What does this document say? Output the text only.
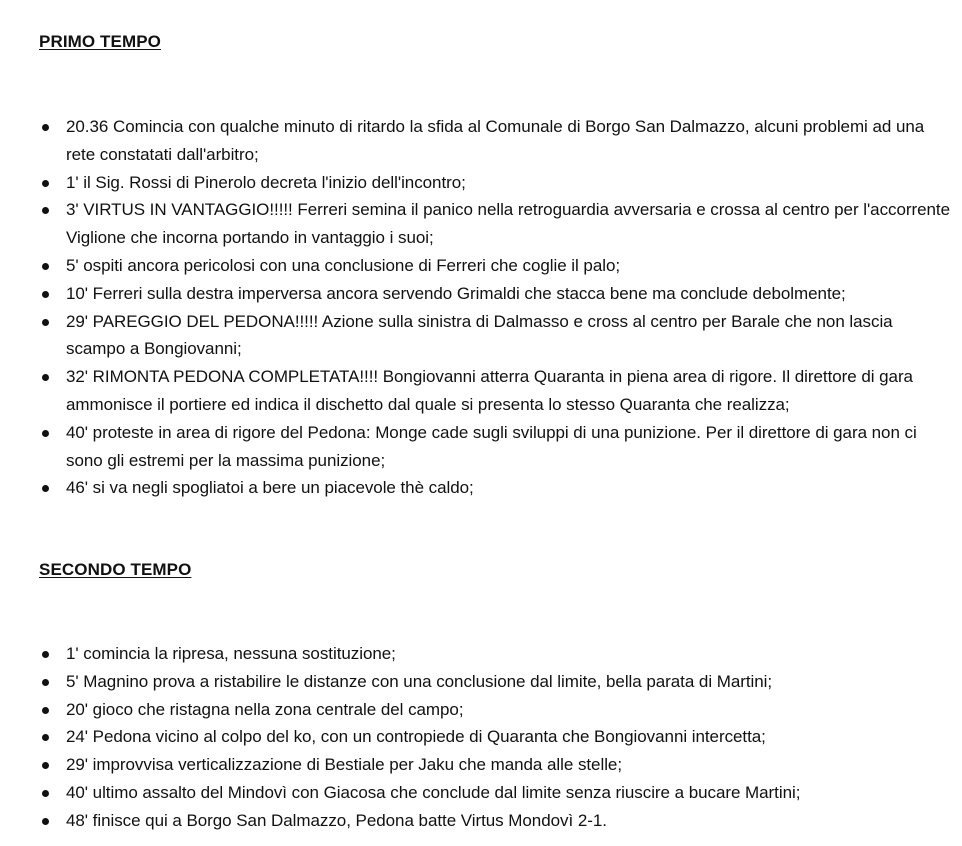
PRIMO TEMPO
20.36 Comincia con qualche minuto di ritardo la sfida al Comunale di Borgo San Dalmazzo, alcuni problemi ad una rete constatati dall'arbitro;
1' il Sig. Rossi di Pinerolo decreta l'inizio dell'incontro;
3' VIRTUS IN VANTAGGIO!!!!! Ferreri semina il panico nella retroguardia avversaria e crossa al centro per l'accorrente Viglione che incorna portando in vantaggio i suoi;
5' ospiti ancora pericolosi con una conclusione di Ferreri che coglie il palo;
10' Ferreri sulla destra imperversa ancora servendo Grimaldi che stacca bene ma conclude debolmente;
29' PAREGGIO DEL PEDONA!!!!! Azione sulla sinistra di Dalmasso e cross al centro per Barale che non lascia scampo a Bongiovanni;
32' RIMONTA PEDONA COMPLETATA!!!! Bongiovanni atterra Quaranta in piena area di rigore. Il direttore di gara ammonisce il portiere ed indica il dischetto dal quale si presenta lo stesso Quaranta che realizza;
40' proteste in area di rigore del Pedona: Monge cade sugli sviluppi di una punizione. Per il direttore di gara non ci sono gli estremi per la massima punizione;
46' si va negli spogliatoi a bere un piacevole thè caldo;
SECONDO TEMPO
1' comincia la ripresa, nessuna sostituzione;
5' Magnino prova a ristabilire le distanze con una conclusione dal limite, bella parata di Martini;
20' gioco che ristagna nella zona centrale del campo;
24' Pedona vicino al colpo del ko, con un contropiede di Quaranta che Bongiovanni intercetta;
29' improvvisa verticalizzazione di Bestiale per Jaku che manda alle stelle;
40' ultimo assalto del Mindovì con Giacosa che conclude dal limite senza riuscire a bucare Martini;
48' finisce qui a Borgo San Dalmazzo, Pedona batte Virtus Mondovì 2-1.
